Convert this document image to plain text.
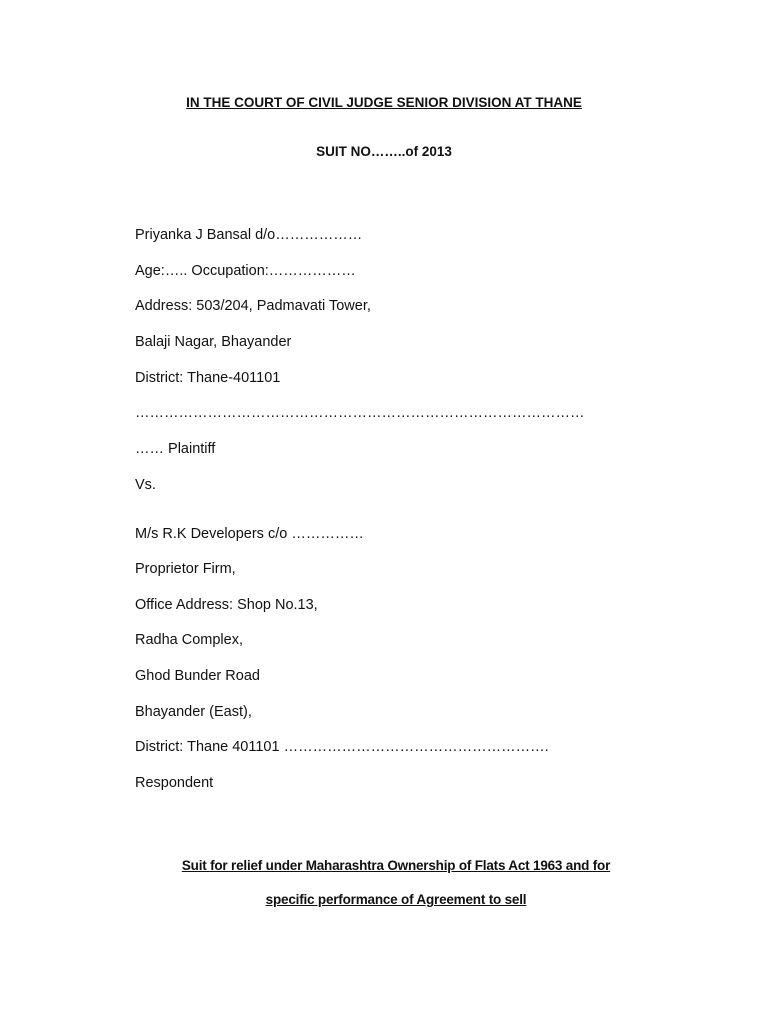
IN THE COURT OF CIVIL JUDGE SENIOR DIVISION AT THANE
SUIT NO……..of 2013
Priyanka J Bansal d/o………………
Age:….. Occupation:………………
Address: 503/204, Padmavati Tower,
Balaji Nagar, Bhayander
District: Thane-401101
…………………………………………………………………………………
…… Plaintiff
Vs.
M/s R.K Developers c/o ……………
Proprietor Firm,
Office Address: Shop No.13,
Radha Complex,
Ghod Bunder Road
Bhayander (East),
District: Thane 401101 ……………………………………………….
Respondent
Suit for relief under Maharashtra Ownership of Flats Act 1963 and for
specific performance of Agreement to sell
